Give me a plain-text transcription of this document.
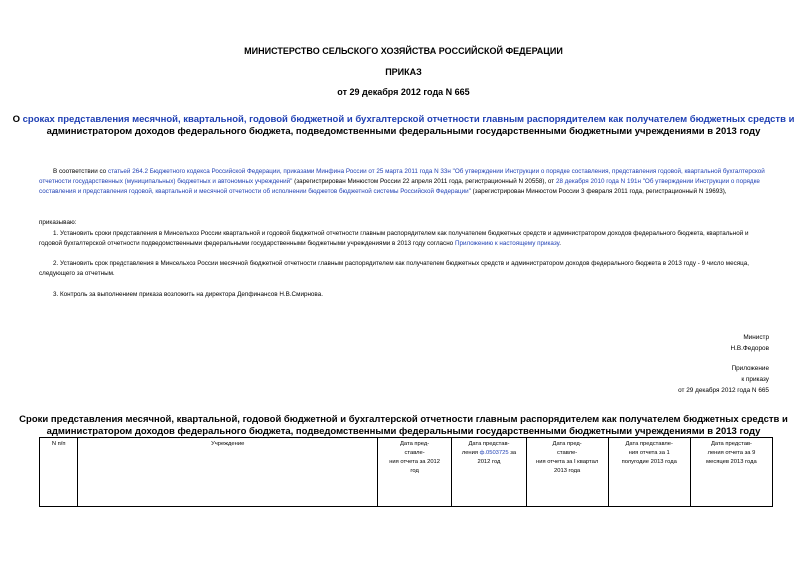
МИНИСТЕРСТВО СЕЛЬСКОГО ХОЗЯЙСТВА РОССИЙСКОЙ ФЕДЕРАЦИИ
ПРИКАЗ
от 29 декабря 2012 года N 665
О сроках представления месячной, квартальной, годовой бюджетной и бухгалтерской отчетности главным распорядителем как получателем бюджетных средств и
администратором доходов федерального бюджета, подведомственными федеральными государственными бюджетными учреждениями в 2013 году
В соответствии со статьей 264.2 Бюджетного кодекса Российской Федерации, приказами Минфина России от 25 марта 2011 года N 33н "Об утверждении Инструкции о порядке составления, представления годовой, квартальной бухгалтерской отчетности государственных (муниципальных) бюджетных и автономных учреждений" (зарегистрирован Минюстом России 22 апреля 2011 года, регистрационный N 20558), от 28 декабря 2010 года N 191н "Об утверждении Инструкции о порядке составления и представления годовой, квартальной и месячной отчетности об исполнении бюджетов бюджетной системы Российской Федерации" (зарегистрирован Минюстом России 3 февраля 2011 года, регистрационный N 19693),
приказываю:
1. Установить сроки представления в Минсельхоз России квартальной и годовой бюджетной отчетности главным распорядителем как получателем бюджетных средств и администратором доходов федерального бюджета, квартальной и годовой бухгалтерской отчетности подведомственными федеральными государственными бюджетными учреждениями в 2013 году согласно Приложению к настоящему приказу.
2. Установить срок представления в Минсельхоз России месячной бюджетной отчетности главным распорядителем как получателем бюджетных средств и администратором доходов федерального бюджета в 2013 году - 9 число месяца, следующего за отчетным.
3. Контроль за выполнением приказа возложить на директора Депфинансов Н.В.Смирнова.
Министр
Н.В.Федоров
Приложение
к приказу
от 29 декабря 2012 года N 665
Сроки представления месячной, квартальной, годовой бюджетной и бухгалтерской отчетности главным распорядителем как получателем бюджетных средств и
администратором доходов федерального бюджета, подведомственными федеральными государственными бюджетными учреждениями в 2013 году
N п/п	Учреждение	Дата пред-
ставле-
ния отчета за 2012
год	Дата представ-
ления ф.0503725 за
2012 год	Дата пред-
ставле-
ния отчета за I квартал
2013 года	Дата представле-
ния отчета за 1
полугодие 2013 года	Дата представ-
ления отчета за 9
месяцев 2013 года
